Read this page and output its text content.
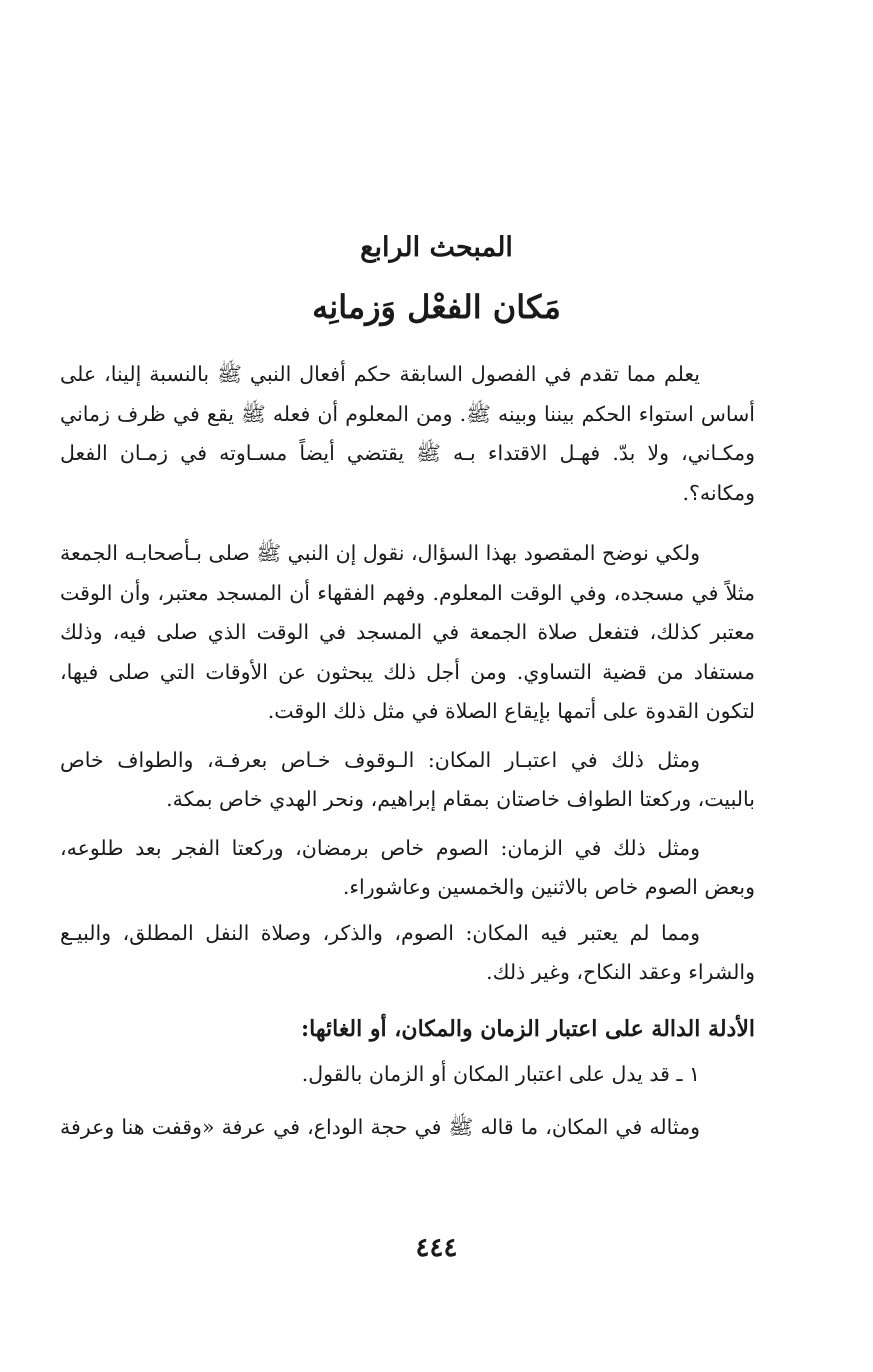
المبحث الرابع
مَكان الفعْل وَزمانِه

يعلم مما تقدم في الفصول السابقة حكم أفعال النبي ﷺ بالنسبة إلينا، على أساس استواء الحكم بيننا وبينه ﷺ. ومن المعلوم أن فعله ﷺ يقع في ظرف زماني ومكـاني، ولا بدّ. فهـل الاقتداء بـه ﷺ يقتضي أيضاً مسـاوته في زمـان الفعل ومكانه؟.

ولكي نوضح المقصود بهذا السؤال، نقول إن النبي ﷺ صلى بـأصحابـه الجمعة مثلاً في مسجده، وفي الوقت المعلوم. وفهم الفقهاء أن المسجد معتبر، وأن الوقت معتبر كذلك، فتفعل صلاة الجمعة في المسجد في الوقت الذي صلى فيه، وذلك مستفاد من قضية التساوي. ومن أجل ذلك يبحثون عن الأوقات التي صلى فيها، لتكون القدوة على أتمها بإيقاع الصلاة في مثل ذلك الوقت.

ومثل ذلك في اعتبـار المكان: الـوقوف خـاص بعرفـة، والطواف خاص بالبيت، وركعتا الطواف خاصتان بمقام إبراهيم، ونحر الهدي خاص بمكة.

ومثل ذلك في الزمان: الصوم خاص برمضان، وركعتا الفجر بعد طلوعه، وبعض الصوم خاص بالاثنين والخمسين وعاشوراء.

ومما لم يعتبر فيه المكان: الصوم، والذكر، وصلاة النفل المطلق، والبيـع والشراء وعقد النكاح، وغير ذلك.

الأدلة الدالة على اعتبار الزمان والمكان، أو الغائها:

١ ـ قد يدل على اعتبار المكان أو الزمان بالقول.

ومثاله في المكان، ما قاله ﷺ في حجة الوداع، في عرفة «وقفت هنا وعرفة

٤٤٤
